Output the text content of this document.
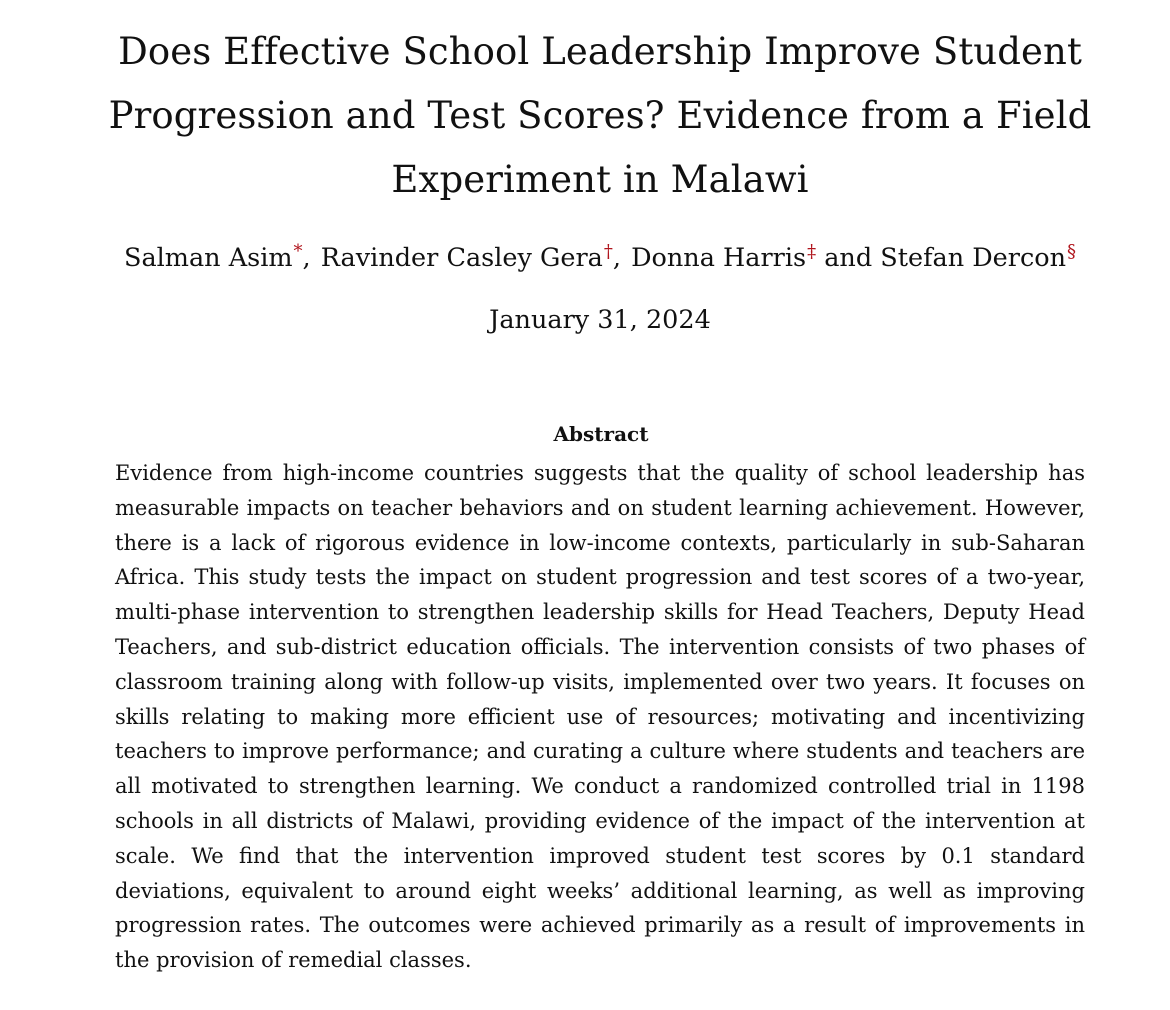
Does Effective School Leadership Improve Student Progression and Test Scores? Evidence from a Field Experiment in Malawi
Salman Asim*, Ravinder Casley Gera†, Donna Harris‡ and Stefan Dercon§
January 31, 2024
Abstract

Evidence from high-income countries suggests that the quality of school leadership has measurable impacts on teacher behaviors and on student learning achievement. However, there is a lack of rigorous evidence in low-income contexts, particularly in sub-Saharan Africa. This study tests the impact on student progression and test scores of a two-year, multi-phase intervention to strengthen leadership skills for Head Teachers, Deputy Head Teachers, and sub-district education officials. The intervention consists of two phases of classroom training along with follow-up visits, implemented over two years. It focuses on skills relating to making more efficient use of resources; motivating and incentivizing teachers to improve performance; and curating a culture where students and teachers are all motivated to strengthen learning. We conduct a randomized controlled trial in 1198 schools in all districts of Malawi, providing evidence of the impact of the intervention at scale. We find that the intervention improved student test scores by 0.1 standard deviations, equivalent to around eight weeks’ additional learning, as well as improving progression rates. The outcomes were achieved primarily as a result of improvements in the provision of remedial classes.
